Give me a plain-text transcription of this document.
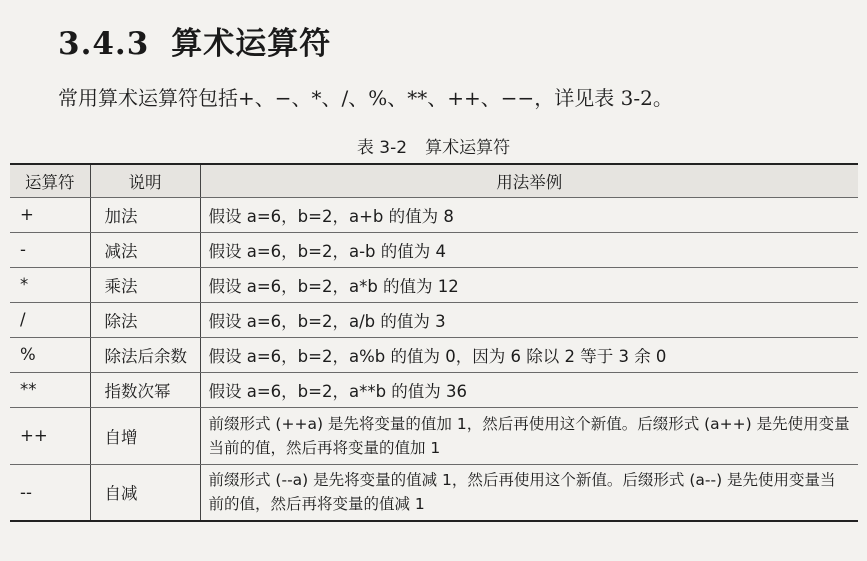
3.4.3 算术运算符
常用算术运算符包括+、−、*、/、%、**、++、−−，详见表 3-2。
表 3-2 算术运算符
运算符	说明	用法举例
+	加法	假设 a=6，b=2，a+b 的值为 8
-	减法	假设 a=6，b=2，a-b 的值为 4
*	乘法	假设 a=6，b=2，a*b 的值为 12
/	除法	假设 a=6，b=2，a/b 的值为 3
%	除法后余数	假设 a=6，b=2，a%b 的值为 0，因为 6 除以 2 等于 3 余 0
**	指数次幂	假设 a=6，b=2，a**b 的值为 36
++	自增	前缀形式 (++a) 是先将变量的值加 1，然后再使用这个新值。后缀形式 (a++) 是先使用变量当前的值，然后再将变量的值加 1
--	自减	前缀形式 (--a) 是先将变量的值减 1，然后再使用这个新值。后缀形式 (a--) 是先使用变量当前的值，然后再将变量的值减 1
